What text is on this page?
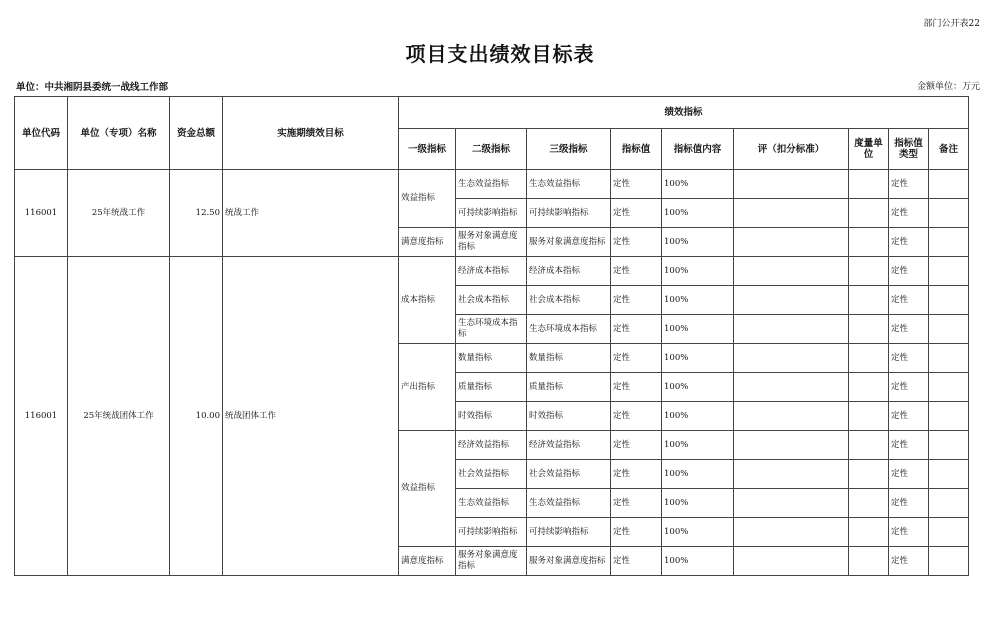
部门公开表22
项目支出绩效目标表
单位：中共湘阴县委统一战线工作部	金额单位：万元
单位代码	单位（专项）名称	资金总额	实施期绩效目标	绩效指标								
				一级指标	二级指标	三级指标	指标值	指标值内容	评（扣分标准）	度量单位	指标值类型	备注
116001	25年统战工作	12.50	统战工作	效益指标	生态效益指标	生态效益指标	定性	100%			定性	
					可持续影响指标	可持续影响指标	定性	100%			定性	
				满意度指标	服务对象满意度指标	服务对象满意度指标	定性	100%			定性	
116001	25年统战团体工作	10.00	统战团体工作	成本指标	经济成本指标	经济成本指标	定性	100%			定性	
					社会成本指标	社会成本指标	定性	100%			定性	
					生态环境成本指标	生态环境成本指标	定性	100%			定性	
				产出指标	数量指标	数量指标	定性	100%			定性	
					质量指标	质量指标	定性	100%			定性	
					时效指标	时效指标	定性	100%			定性	
				效益指标	经济效益指标	经济效益指标	定性	100%			定性	
					社会效益指标	社会效益指标	定性	100%			定性	
					生态效益指标	生态效益指标	定性	100%			定性	
					可持续影响指标	可持续影响指标	定性	100%			定性	
				满意度指标	服务对象满意度指标	服务对象满意度指标	定性	100%			定性	
